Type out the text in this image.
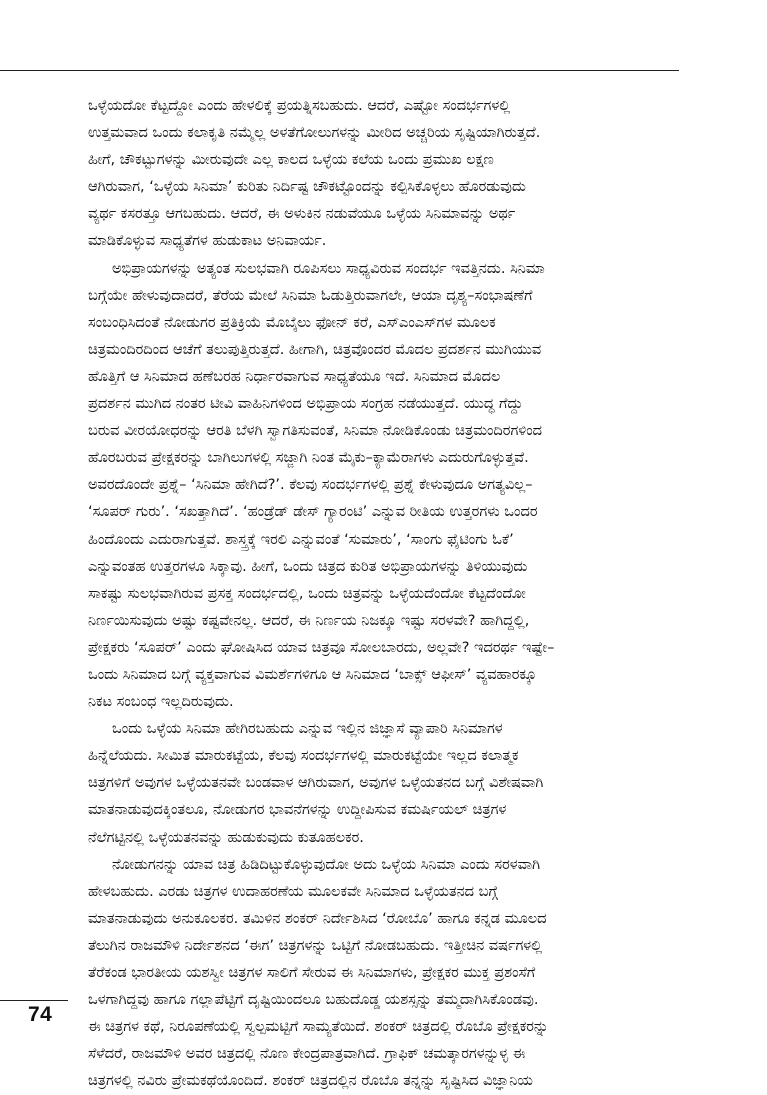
ಒಳ್ಳೆಯದೋ ಕೆಟ್ಟದ್ದೋ ಎಂದು ಹೇಳಲಿಕ್ಕೆ ಪ್ರಯತ್ನಿಸಬಹುದು. ಆದರೆ, ಎಷ್ಟೋ ಸಂದರ್ಭಗಳಲ್ಲಿ
ಉತ್ತಮವಾದ ಒಂದು ಕಲಾಕೃತಿ ನಮ್ಮೆಲ್ಲ ಅಳತೆಗೋಲುಗಳನ್ನು ಮೀರಿದ ಅಚ್ಚರಿಯ ಸೃಷ್ಟಿಯಾಗಿರುತ್ತದೆ.
ಹೀಗೆ, ಚೌಕಟ್ಟುಗಳನ್ನು ಮೀರುವುದೇ ಎಲ್ಲ ಕಾಲದ ಒಳ್ಳೆಯ ಕಲೆಯ ಒಂದು ಪ್ರಮುಖ ಲಕ್ಷಣ
ಆಗಿರುವಾಗ, ‘ಒಳ್ಳೆಯ ಸಿನಿಮಾ’ ಕುರಿತು ನಿರ್ದಿಷ್ಟ ಚೌಕಟ್ಟೊಂದನ್ನು ಕಲ್ಪಿಸಿಕೊಳ್ಳಲು ಹೊರಡುವುದು
ವ್ಯರ್ಥ ಕಸರತ್ತೂ ಆಗಬಹುದು. ಆದರೆ, ಈ ಅಳುಕಿನ ನಡುವೆಯೂ ಒಳ್ಳೆಯ ಸಿನಿಮಾವನ್ನು ಅರ್ಥ
ಮಾಡಿಕೊಳ್ಳುವ ಸಾಧ್ಯತೆಗಳ ಹುಡುಕಾಟ ಅನಿವಾರ್ಯ.
ಅಭಿಪ್ರಾಯಗಳನ್ನು ಅತ್ಯಂತ ಸುಲಭವಾಗಿ ರೂಪಿಸಲು ಸಾಧ್ಯವಿರುವ ಸಂದರ್ಭ ಇವತ್ತಿನದು. ಸಿನಿಮಾ
ಬಗ್ಗೆಯೇ ಹೇಳುವುದಾದರೆ, ತೆರೆಯ ಮೇಲೆ ಸಿನಿಮಾ ಓಡುತ್ತಿರುವಾಗಲೇ, ಆಯಾ ದೃಶ್ಯ–ಸಂಭಾಷಣೆಗೆ
ಸಂಬಂಧಿಸಿದಂತೆ ನೋಡುಗರ ಪ್ರತಿಕ್ರಿಯೆ ಮೊಬೈಲು ಫೋನ್ ಕರೆ, ಎಸ್‌ಎಂಎಸ್‌ಗಳ ಮೂಲಕ
ಚಿತ್ರಮಂದಿರದಿಂದ ಆಚೆಗೆ ತಲುಪುತ್ತಿರುತ್ತದೆ. ಹೀಗಾಗಿ, ಚಿತ್ರವೊಂದರ ಮೊದಲ ಪ್ರದರ್ಶನ ಮುಗಿಯುವ
ಹೊತ್ತಿಗೆ ಆ ಸಿನಿಮಾದ ಹಣೆಬರಹ ನಿರ್ಧಾರವಾಗುವ ಸಾಧ್ಯತೆಯೂ ಇದೆ. ಸಿನಿಮಾದ ಮೊದಲ
ಪ್ರದರ್ಶನ ಮುಗಿದ ನಂತರ ಟೀವಿ ವಾಹಿನಿಗಳಿಂದ ಅಭಿಪ್ರಾಯ ಸಂಗ್ರಹ ನಡೆಯುತ್ತದೆ. ಯುದ್ಧ ಗೆದ್ದು
ಬರುವ ವೀರಯೋಧರನ್ನು ಆರತಿ ಬೆಳಗಿ ಸ್ವಾಗತಿಸುವಂತೆ, ಸಿನಿಮಾ ನೋಡಿಕೊಂಡು ಚಿತ್ರಮಂದಿರಗಳಿಂದ
ಹೊರಬರುವ ಪ್ರೇಕ್ಷಕರನ್ನು ಬಾಗಿಲುಗಳಲ್ಲಿ ಸಜ್ಜಾಗಿ ನಿಂತ ಮೈಕು–ಕ್ಯಾಮೆರಾಗಳು ಎದುರುಗೊಳ್ಳುತ್ತವೆ.
ಅವರದೊಂದೇ ಪ್ರಶ್ನೆ– ‘ಸಿನಿಮಾ ಹೇಗಿದೆ?’. ಕೆಲವು ಸಂದರ್ಭಗಳಲ್ಲಿ ಪ್ರಶ್ನೆ ಕೇಳುವುದೂ ಅಗತ್ಯವಿಲ್ಲ–
‘ಸೂಪರ್ ಗುರು’. ‘ಸಖತ್ತಾಗಿದೆ’. ‘ಹಂಡ್ರೆಡ್ ಡೇಸ್ ಗ್ಯಾರಂಟಿ’ ಎನ್ನುವ ರೀತಿಯ ಉತ್ತರಗಳು ಒಂದರ
ಹಿಂದೊಂದು ಎದುರಾಗುತ್ತವೆ. ಶಾಸ್ತ್ರಕ್ಕೆ ಇರಲಿ ಎನ್ನುವಂತೆ ‘ಸುಮಾರು’, ‘ಸಾಂಗು ಫೈಟಿಂಗು ಓಕೆ’
ಎನ್ನುವಂತಹ ಉತ್ತರಗಳೂ ಸಿಕ್ಕಾವು. ಹೀಗೆ, ಒಂದು ಚಿತ್ರದ ಕುರಿತ ಅಭಿಪ್ರಾಯಗಳನ್ನು ತಿಳಿಯುವುದು
ಸಾಕಷ್ಟು ಸುಲಭವಾಗಿರುವ ಪ್ರಸಕ್ತ ಸಂದರ್ಭದಲ್ಲಿ, ಒಂದು ಚಿತ್ರವನ್ನು ಒಳ್ಳೆಯದೆಂದೋ ಕೆಟ್ಟದೆಂದೋ
ನಿರ್ಣಯಿಸುವುದು ಅಷ್ಟು ಕಷ್ಟವೇನಲ್ಲ. ಆದರೆ, ಈ ನಿರ್ಣಯ ನಿಜಕ್ಕೂ ಇಷ್ಟು ಸರಳವೇ? ಹಾಗಿದ್ದಲ್ಲಿ,
ಪ್ರೇಕ್ಷಕರು ‘ಸೂಪರ್’ ಎಂದು ಘೋಷಿಸಿದ ಯಾವ ಚಿತ್ರವೂ ಸೋಲಬಾರದು, ಅಲ್ಲವೇ? ಇದರರ್ಥ ಇಷ್ಟೇ–
ಒಂದು ಸಿನಿಮಾದ ಬಗ್ಗೆ ವ್ಯಕ್ತವಾಗುವ ವಿಮರ್ಶೆಗಳಿಗೂ ಆ ಸಿನಿಮಾದ ‘ಬಾಕ್ಸ್ ಆಫೀಸ್’ ವ್ಯವಹಾರಕ್ಕೂ
ನಿಕಟ ಸಂಬಂಧ ಇಲ್ಲದಿರುವುದು.
ಒಂದು ಒಳ್ಳೆಯ ಸಿನಿಮಾ ಹೇಗಿರಬಹುದು ಎನ್ನುವ ಇಲ್ಲಿನ ಜಿಜ್ಞಾಸೆ ವ್ಯಾಪಾರಿ ಸಿನಿಮಾಗಳ
ಹಿನ್ನೆಲೆಯದು. ಸೀಮಿತ ಮಾರುಕಟ್ಟೆಯ, ಕೆಲವು ಸಂದರ್ಭಗಳಲ್ಲಿ ಮಾರುಕಟ್ಟೆಯೇ ಇಲ್ಲದ ಕಲಾತ್ಮಕ
ಚಿತ್ರಗಳಿಗೆ ಅವುಗಳ ಒಳ್ಳೆಯತನವೇ ಬಂಡವಾಳ ಆಗಿರುವಾಗ, ಅವುಗಳ ಒಳ್ಳೆಯತನದ ಬಗ್ಗೆ ವಿಶೇಷವಾಗಿ
ಮಾತನಾಡುವುದಕ್ಕಿಂತಲೂ, ನೋಡುಗರ ಭಾವನೆಗಳನ್ನು ಉದ್ದೀಪಿಸುವ ಕಮರ್ಷಿಯಲ್ ಚಿತ್ರಗಳ
ನೆಲೆಗಟ್ಟಿನಲ್ಲಿ ಒಳ್ಳೆಯತನವನ್ನು ಹುಡುಕುವುದು ಕುತೂಹಲಕರ.
ನೋಡುಗನನ್ನು ಯಾವ ಚಿತ್ರ ಹಿಡಿದಿಟ್ಟುಕೊಳ್ಳುವುದೋ ಅದು ಒಳ್ಳೆಯ ಸಿನಿಮಾ ಎಂದು ಸರಳವಾಗಿ
ಹೇಳಬಹುದು. ಎರಡು ಚಿತ್ರಗಳ ಉದಾಹರಣೆಯ ಮೂಲಕವೇ ಸಿನಿಮಾದ ಒಳ್ಳೆಯತನದ ಬಗ್ಗೆ
ಮಾತನಾಡುವುದು ಅನುಕೂಲಕರ. ತಮಿಳಿನ ಶಂಕರ್ ನಿರ್ದೇಶಿಸಿದ ‘ರೋಬೊ’ ಹಾಗೂ ಕನ್ನಡ ಮೂಲದ
ತೆಲುಗಿನ ರಾಜಮೌಳಿ ನಿರ್ದೇಶನದ ‘ಈಗ’ ಚಿತ್ರಗಳನ್ನು ಒಟ್ಟಿಗೆ ನೋಡಬಹುದು. ಇತ್ತೀಚಿನ ವರ್ಷಗಳಲ್ಲಿ
ತೆರೆಕಂಡ ಭಾರತೀಯ ಯಶಸ್ವೀ ಚಿತ್ರಗಳ ಸಾಲಿಗೆ ಸೇರುವ ಈ ಸಿನಿಮಾಗಳು, ಪ್ರೇಕ್ಷಕರ ಮುಕ್ತ ಪ್ರಶಂಸೆಗೆ
ಒಳಗಾಗಿದ್ದವು ಹಾಗೂ ಗಲ್ಲಾಪೆಟ್ಟಿಗೆ ದೃಷ್ಟಿಯಿಂದಲೂ ಬಹುದೊಡ್ಡ ಯಶಸ್ಸನ್ನು ತಮ್ಮದಾಗಿಸಿಕೊಂಡವು.
ಈ ಚಿತ್ರಗಳ ಕಥೆ, ನಿರೂಪಣೆಯಲ್ಲಿ ಸ್ವಲ್ಪಮಟ್ಟಿಗೆ ಸಾಮ್ಯತೆಯಿದೆ. ಶಂಕರ್ ಚಿತ್ರದಲ್ಲಿ ರೊಬೊ ಪ್ರೇಕ್ಷಕರನ್ನು
ಸೆಳೆದರೆ, ರಾಜಮೌಳಿ ಅವರ ಚಿತ್ರದಲ್ಲಿ ನೊಣ ಕೇಂದ್ರಪಾತ್ರವಾಗಿದೆ. ಗ್ರಾಫಿಕ್ ಚಮತ್ಕಾರಗಳನ್ನುಳ್ಳ ಈ
ಚಿತ್ರಗಳಲ್ಲಿ ನವಿರು ಪ್ರೇಮಕಥೆಯೊಂದಿದೆ. ಶಂಕರ್ ಚಿತ್ರದಲ್ಲಿನ ರೊಬೊ ತನ್ನನ್ನು ಸೃಷ್ಟಿಸಿದ ವಿಜ್ಞಾನಿಯ
74
